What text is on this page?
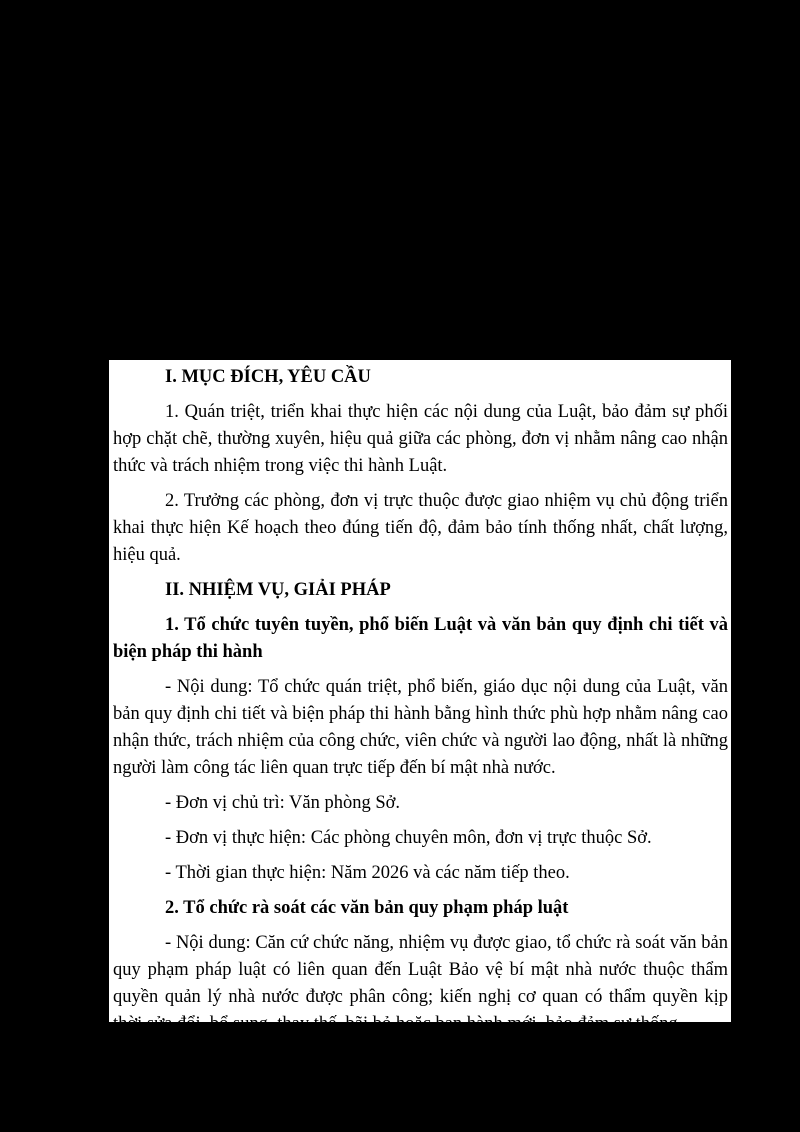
I. MỤC ĐÍCH, YÊU CẦU

1. Quán triệt, triển khai thực hiện các nội dung của Luật, bảo đảm sự phối hợp chặt chẽ, thường xuyên, hiệu quả giữa các phòng, đơn vị nhằm nâng cao nhận thức và trách nhiệm trong việc thi hành Luật.

2. Trưởng các phòng, đơn vị trực thuộc được giao nhiệm vụ chủ động triển khai thực hiện Kế hoạch theo đúng tiến độ, đảm bảo tính thống nhất, chất lượng, hiệu quả.

II. NHIỆM VỤ, GIẢI PHÁP

1. Tổ chức tuyên tuyền, phổ biến Luật và văn bản quy định chi tiết và biện pháp thi hành

- Nội dung: Tổ chức quán triệt, phổ biến, giáo dục nội dung của Luật, văn bản quy định chi tiết và biện pháp thi hành bằng hình thức phù hợp nhằm nâng cao nhận thức, trách nhiệm của công chức, viên chức và người lao động, nhất là những người làm công tác liên quan trực tiếp đến bí mật nhà nước.

- Đơn vị chủ trì: Văn phòng Sở.

- Đơn vị thực hiện: Các phòng chuyên môn, đơn vị trực thuộc Sở.

- Thời gian thực hiện: Năm 2026 và các năm tiếp theo.

2. Tổ chức rà soát các văn bản quy phạm pháp luật

- Nội dung: Căn cứ chức năng, nhiệm vụ được giao, tổ chức rà soát văn bản quy phạm pháp luật có liên quan đến Luật Bảo vệ bí mật nhà nước thuộc thẩm quyền quản lý nhà nước được phân công; kiến nghị cơ quan có thẩm quyền kịp thời sửa đổi, bổ sung, thay thế, bãi bỏ hoặc ban hành mới, bảo đảm sự thống
